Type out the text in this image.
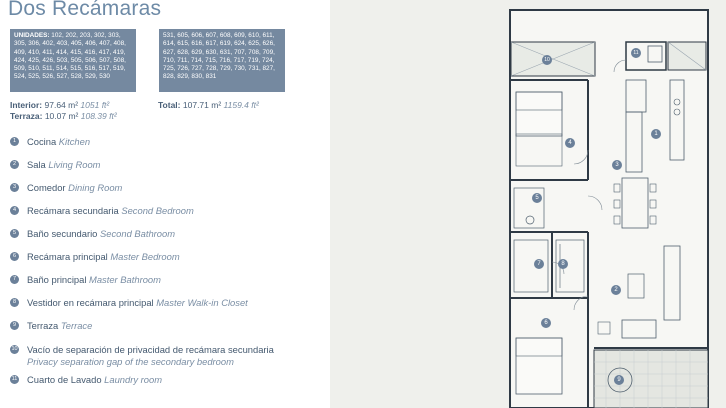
Dos Recámaras
UNIDADES: 102, 202, 203, 302, 303, 305, 306, 402, 403, 405, 406, 407, 408, 409, 410, 411, 414, 415, 416, 417, 419, 424, 425, 426, 503, 505, 506, 507, 508, 509, 510, 511, 514, 515, 516, 517, 519, 524, 525, 526, 527, 528, 529, 530
531, 605, 606, 607, 608, 609, 610, 611, 614, 615, 616, 617, 619, 624, 625, 626, 627, 628, 629, 630, 631, 707, 708, 709, 710, 711, 714, 715, 716, 717, 719, 724, 725, 726, 727, 728, 729, 730, 731, 827, 828, 829, 830, 831
Interior: 97.64 m² 1051 ft²
Terraza: 10.07 m² 108.39 ft²
Total: 107.71 m² 1159.4 ft²
1	Cocina Kitchen
2	Sala Living Room
3	Comedor Dining Room
4	Recámara secundaria Second Bedroom
5	Baño secundario Second Bathroom
6	Recámara principal Master Bedroom
7	Baño principal Master Bathroom
8	Vestidor en recámara principal Master Walk-in Closet
9	Terraza Terrace
10 Vacío de separación de privacidad de recámara secundaria
Privacy separation gap of the secondary bedroom
11 Cuarto de Lavado Laundry room
1
2
3
4
5
6
7	8
9
10
11
